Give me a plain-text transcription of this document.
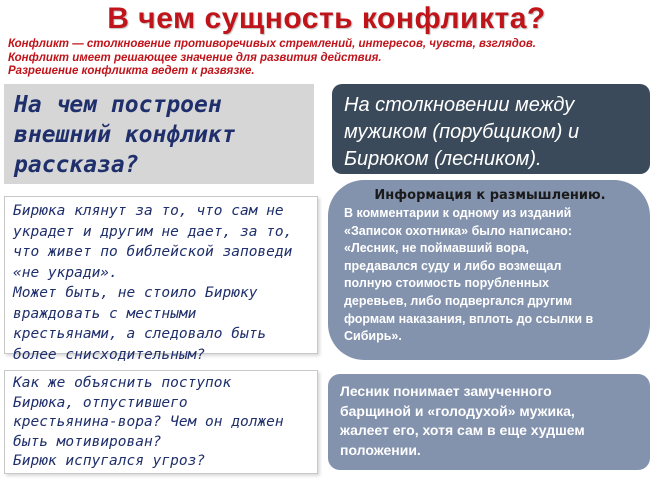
В чем сущность конфликта?
Конфликт — столкновение противоречивых стремлений, интересов, чувств, взглядов.
Конфликт имеет решающее значение для развития действия.
Разрешение конфликта ведет к развязке.
На чем построен
внешний конфликт
рассказа?
На столкновении между
мужиком (порубщиком) и
Бирюком (лесником).
Бирюка клянут за то, что сам не
украдет и другим не дает, за то,
что живет по библейской заповеди
«не укради».
Может быть, не стоило Бирюку
враждовать с местными
крестьянами, а следовало быть
более снисходительным?
Информация к размышлению.
В комментарии к одному из изданий
«Записок охотника» было написано:
«Лесник, не поймавший вора,
предавался суду и либо возмещал
полную стоимость порубленных
деревьев, либо подвергался другим
формам наказания, вплоть до ссылки в
Сибирь».
Как же объяснить поступок
Бирюка, отпустившего
крестьянина-вора? Чем он должен
быть мотивирован?
Бирюк испугался угроз?
Лесник понимает замученного
барщиной и «голодухой» мужика,
жалеет его, хотя сам в еще худшем
положении.
